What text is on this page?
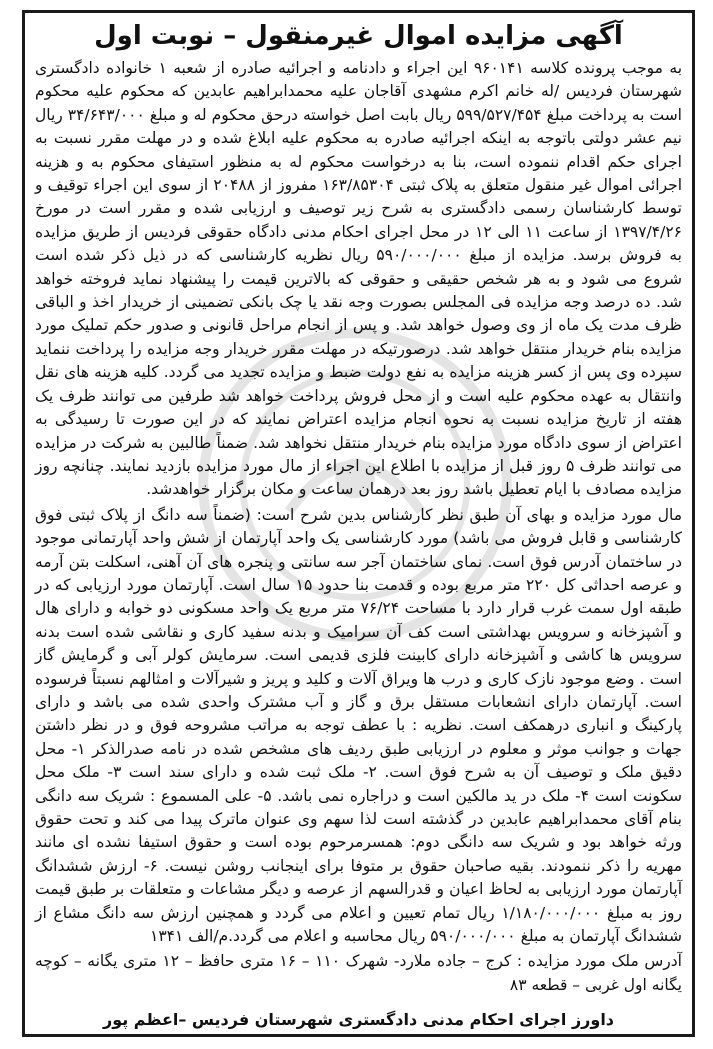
آگهی مزایده اموال غیرمنقول – نوبت اول

به موجب پرونده کلاسه ۹۶۰۱۴۱ این اجراء و دادنامه و اجرائیه صادره از شعبه ۱ خانواده دادگستری شهرستان فردیس /له خانم اکرم مشهدی آقاجان علیه محمدابراهیم عابدین که محکوم علیه محکوم است به پرداخت مبلغ ۵۹۹/۵۲۷/۴۵۴ ریال بابت اصل خواسته درحق محکوم له و مبلغ ۳۴/۶۴۳/۰۰۰ ریال نیم عشر دولتی باتوجه به اینکه اجرائیه صادره به محکوم علیه ابلاغ شده و در مهلت مقرر نسبت به اجرای حکم اقدام ننموده است، بنا به درخواست محکوم له به منظور استیفای محکوم به و هزینه اجرائی اموال غیر منقول متعلق به پلاک ثبتی ۱۶۳/۸۵۳۰۴ مفروز از ۲۰۴۸۸ از سوی این اجراء توقیف و توسط کارشناسان رسمی دادگستری به شرح زیر توصیف و ارزیابی شده و مقرر است در مورخ ۱۳۹۷/۴/۲۶ از ساعت ۱۱ الی ۱۲ در محل اجرای احکام مدنی دادگاه حقوقی فردیس از طریق مزایده به فروش برسد. مزایده از مبلغ ۵۹۰/۰۰۰/۰۰۰ ریال نظریه کارشناسی که در ذیل ذکر شده است شروع می شود و به هر شخص حقیقی و حقوقی که بالاترین قیمت را پیشنهاد نماید فروخته خواهد شد. ده درصد وجه مزایده فی المجلس بصورت وجه نقد یا چک بانکی تضمینی از خریدار اخذ و الباقی ظرف مدت یک ماه از وی وصول خواهد شد. و پس از انجام مراحل قانونی و صدور حکم تملیک مورد مزایده بنام خریدار منتقل خواهد شد. درصورتیکه در مهلت مقرر خریدار وجه مزایده را پرداخت ننماید سپرده وی پس از کسر هزینه مزایده به نفع دولت ضبط و مزایده تجدید می گردد. کلیه هزینه های نقل وانتقال به عهده محکوم علیه است و از محل فروش پرداخت خواهد شد طرفین می توانند ظرف یک هفته از تاریخ مزایده نسبت به نحوه انجام مزایده اعتراض نمایند که در این صورت تا رسیدگی به اعتراض از سوی دادگاه مورد مزایده بنام خریدار منتقل نخواهد شد. ضمناً طالبین به شرکت در مزایده می توانند ظرف ۵ روز قبل از مزایده با اطلاع این اجراء از مال مورد مزایده بازدید نمایند. چنانچه روز مزایده مصادف با ایام تعطیل باشد روز بعد درهمان ساعت و مکان برگزار خواهدشد.

مال مورد مزایده و بهای آن طبق نظر کارشناس بدین شرح است: (ضمناً سه دانگ از پلاک ثبتی فوق کارشناسی و قابل فروش می باشد) مورد کارشناسی یک واحد آپارتمان از شش واحد آپارتمانی موجود در ساختمان آدرس فوق است. نمای ساختمان آجر سه سانتی و پنجره های آن آهنی، اسکلت بتن آرمه و عرصه احداثی کل ۲۲۰ متر مربع بوده و قدمت بنا حدود ۱۵ سال است. آپارتمان مورد ارزیابی که در طبقه اول سمت غرب قرار دارد با مساحت ۷۶/۲۴ متر مربع یک واحد مسکونی دو خوابه و دارای هال و آشپزخانه و سرویس بهداشتی است کف آن سرامیک و بدنه سفید کاری و نقاشی شده است بدنه سرویس ها کاشی و آشپزخانه دارای کابینت فلزی قدیمی است. سرمایش کولر آبی و گرمایش گاز است . وضع موجود نازک کاری و درب ها ویراق آلات و کلید و پریز و شیرآلات و امثالهم نسبتاً فرسوده است. آپارتمان دارای انشعابات مستقل برق و گاز و آب مشترک واحدی شده می باشد و دارای پارکینگ و انباری درهمکف است. نظریه : با عطف توجه به مراتب مشروحه فوق و در نظر داشتن جهات و جوانب موثر و معلوم در ارزیابی طبق ردیف های مشخص شده در نامه صدرالذکر ۱- محل دقیق ملک و توصیف آن به شرح فوق است. ۲- ملک ثبت شده و دارای سند است ۳- ملک محل سکونت است ۴- ملک در ید مالکین است و دراجاره نمی باشد. ۵- علی المسموع : شریک سه دانگی بنام آقای محمدابراهیم عابدین در گذشته است لذا سهم وی عنوان ماترک پیدا می کند و تحت حقوق ورثه خواهد بود و شریک سه دانگی دوم: همسرمرحوم بوده است و حقوق استیفا نشده ای مانند مهریه را ذکر ننمودند. بقیه صاحبان حقوق بر متوفا برای اینجانب روشن نیست. ۶- ارزش ششدانگ آپارتمان مورد ارزیابی به لحاظ اعیان و قدرالسهم از عرصه و دیگر مشاعات و متعلقات بر طبق قیمت روز به مبلغ ۱/۱۸۰/۰۰۰/۰۰۰ ریال تمام تعیین و اعلام می گردد و همچنین ارزش سه دانگ مشاع از ششدانگ آپارتمان به مبلغ ۵۹۰/۰۰۰/۰۰۰ ریال محاسبه و اعلام می گردد.م/الف ۱۳۴۱

آدرس ملک مورد مزایده : کرج – جاده ملارد- شهرک ۱۱۰ – ۱۶ متری حافظ – ۱۲ متری یگانه – کوچه یگانه اول غربی – قطعه ۸۳

داورز اجرای احکام مدنی دادگستری شهرستان فردیس –اعظم پور
